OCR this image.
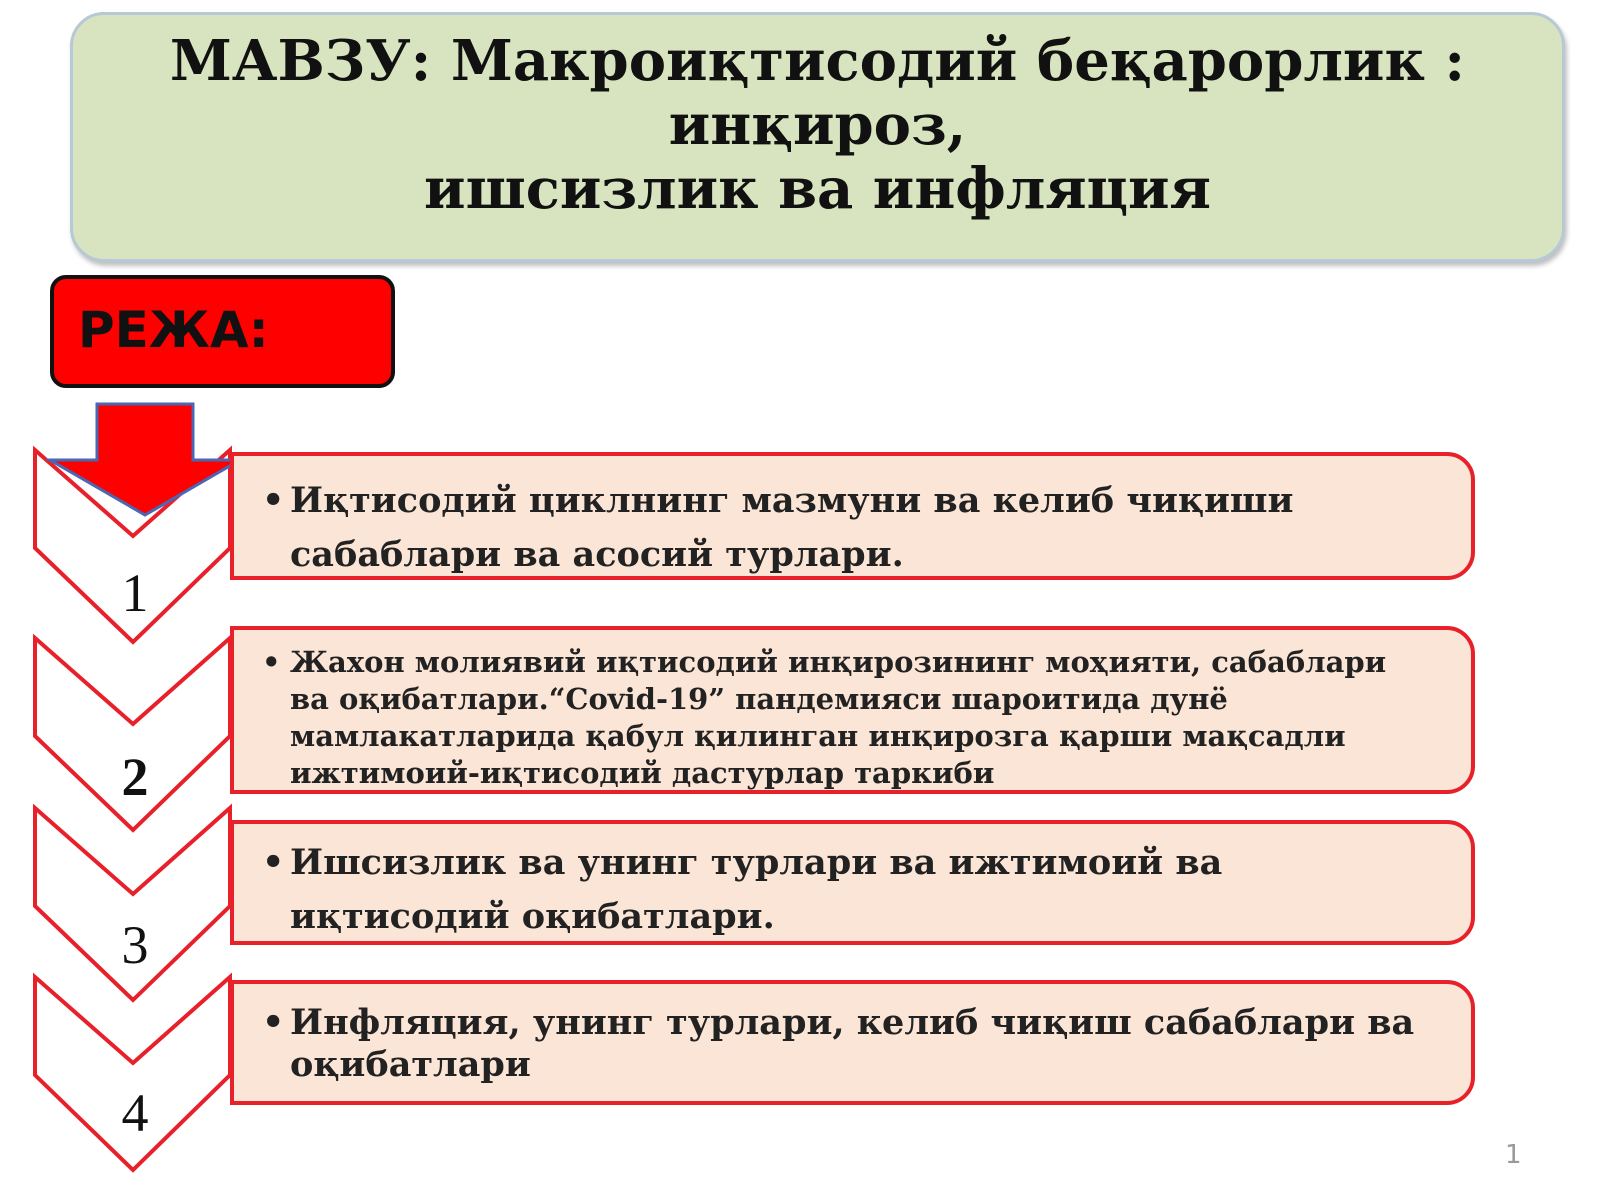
МАВЗУ: Макроиқтисодий беқарорлик : инқироз,
ишсизлик ва инфляция
РЕЖА:
1
2
3
4
• Иқтисодий циклнинг мазмуни ва келиб чиқиши сабаблари ва асосий турлари.
• Жахон молиявий иқтисодий инқирозининг моҳияти, сабаблари ва оқибатлари.“Covid-19” пандемияси шароитида дунё мамлакатларида қабул қилинган инқирозга қарши мақсадли ижтимоий-иқтисодий дастурлар таркиби
• Ишсизлик ва унинг турлари ва ижтимоий ва иқтисодий оқибатлари.
• Инфляция, унинг турлари, келиб чиқиш сабаблари ва оқибатлари
1
